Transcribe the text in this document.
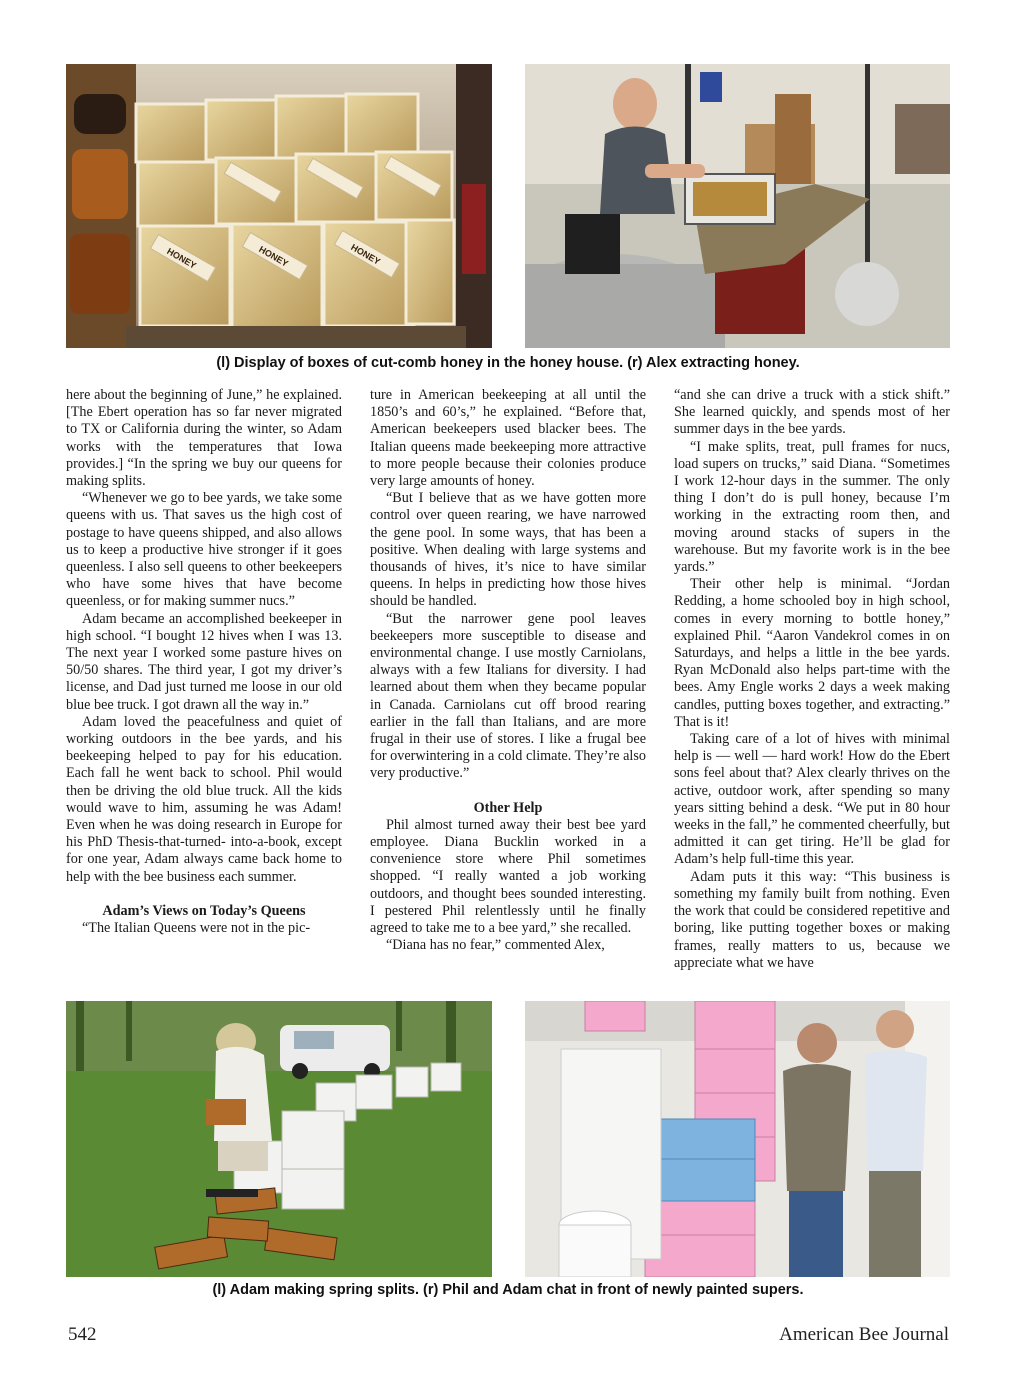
HONEY	HONEY	HONEY
(l) Display of boxes of cut-comb honey in the honey house. (r) Alex extracting honey.

here about the beginning of June,” he explained. [The Ebert operation has so far never migrated to TX or California during the winter, so Adam works with the temperatures that Iowa provides.] “In the spring we buy our queens for making splits.

“Whenever we go to bee yards, we take some queens with us. That saves us the high cost of postage to have queens shipped, and also allows us to keep a productive hive stronger if it goes queenless. I also sell queens to other beekeepers who have some hives that have become queenless, or for making summer nucs.”

Adam became an accomplished beekeeper in high school. “I bought 12 hives when I was 13. The next year I worked some pasture hives on 50/50 shares. The third year, I got my driver’s license, and Dad just turned me loose in our old blue bee truck. I got drawn all the way in.”

Adam loved the peacefulness and quiet of working outdoors in the bee yards, and his beekeeping helped to pay for his education. Each fall he went back to school. Phil would then be driving the old blue truck. All the kids would wave to him, assuming he was Adam! Even when he was doing research in Europe for his PhD Thesis-that-turned- into-a-book, except for one year, Adam always came back home to help with the bee business each summer.

Adam’s Views on Today’s Queens

“The Italian Queens were not in the pic-

ture in American beekeeping at all until the 1850’s and 60’s,” he explained. “Before that, American beekeepers used blacker bees. The Italian queens made beekeeping more attractive to more people because their colonies produce very large amounts of honey.

“But I believe that as we have gotten more control over queen rearing, we have narrowed the gene pool. In some ways, that has been a positive. When dealing with large systems and thousands of hives, it’s nice to have similar queens. In helps in predicting how those hives should be handled.

“But the narrower gene pool leaves beekeepers more susceptible to disease and environmental change. I use mostly Carniolans, always with a few Italians for diversity. I had learned about them when they became popular in Canada. Carniolans cut off brood rearing earlier in the fall than Italians, and are more frugal in their use of stores. I like a frugal bee for overwintering in a cold climate. They’re also very productive.”

Other Help

Phil almost turned away their best bee yard employee. Diana Bucklin worked in a convenience store where Phil sometimes shopped. “I really wanted a job working outdoors, and thought bees sounded interesting. I pestered Phil relentlessly until he finally agreed to take me to a bee yard,” she recalled.

“Diana has no fear,” commented Alex,

“and she can drive a truck with a stick shift.” She learned quickly, and spends most of her summer days in the bee yards.

“I make splits, treat, pull frames for nucs, load supers on trucks,” said Diana. “Sometimes I work 12-hour days in the summer. The only thing I don’t do is pull honey, because I’m working in the extracting room then, and moving around stacks of supers in the warehouse. But my favorite work is in the bee yards.”

Their other help is minimal. “Jordan Redding, a home schooled boy in high school, comes in every morning to bottle honey,” explained Phil. “Aaron Vandekrol comes in on Saturdays, and helps a little in the bee yards. Ryan McDonald also helps part-time with the bees. Amy Engle works 2 days a week making candles, putting boxes together, and extracting.” That is it!

Taking care of a lot of hives with minimal help is — well — hard work! How do the Ebert sons feel about that? Alex clearly thrives on the active, outdoor work, after spending so many years sitting behind a desk. “We put in 80 hour weeks in the fall,” he commented cheerfully, but admitted it can get tiring. He’ll be glad for Adam’s help full-time this year.

Adam puts it this way: “This business is something my family built from nothing. Even the work that could be considered repetitive and boring, like putting together boxes or making frames, really matters to us, because we appreciate what we have

(l) Adam making spring splits. (r) Phil and Adam chat in front of newly painted supers.
542	American Bee Journal
